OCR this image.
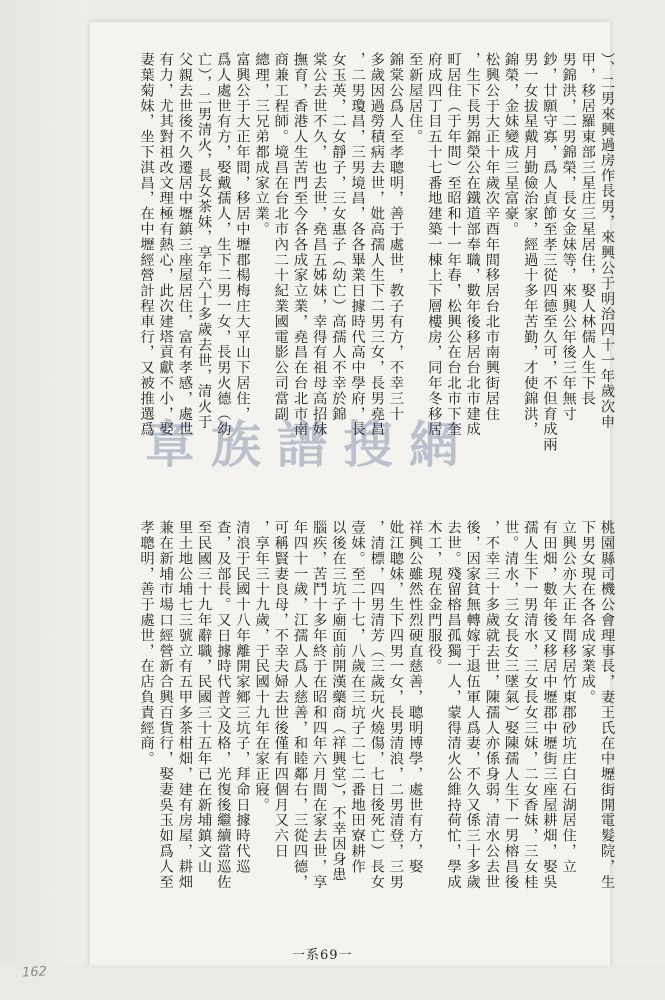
）、二男來興過房作長男，來興公于明治四十一年歲次申
甲，移居羅東部三星庄三星居住，娶人林儒人生下長
男錦洪，二男錦榮，長女金妹等，來興公年後三年無寸
鈔，廿願守寡，爲人貞節至孝三從四德至久可，不但育成兩
男一女拔星戴月勤儉治家，經過十多年苦勤，才使錦洪，
錦榮，金妹變成三星富豪。
松興公于大正十年歲次辛酉年間移居台北市南興街居住
，生下長男錦榮公在鐵道部奉職，數年後移居台北市建成
町居住（于年間）至昭和十一年春，松興公在台北市下奎
府成四丁目五十七番地建築一棟上下層樓房，同年冬移居
至新屋居住。
錦棠公爲人至孝聰明，善于處世，教子有方，不幸三十
多歲因過勞積病去世，妣高孺人生下二男三女，長男堯昌
，二男瓊昌，三男境昌，各各畢業日據時代高中學府，長
女玉英，二女靜子，三女惠子（幼亡）高孺人不幸於錦
棠公去世不久，也去世，堯昌五姊妹，幸得有祖母高招妹
撫育，香港人生苦門至今各各成家立業，堯昌在台北市南
商兼工程師。境昌在台北市內二十紀業國電影公司當副
總理，三兄弟都成家立業。
富興公于大正年間，移居中壢郡楊梅庄大平山下居住，
爲人處世有方，娶戴孺人，生下二男一女，長男火德（幼
亡），二男清火，長女茶妹，享年六十多歲去世，清火于
父親去世後不久遷居中壢鎮三座屋居住，富有孝感，處世
有力，尤其對祖改文理極有熱心，此次建塔貢獻不小，娶
妻葉菊妹，坐下淇昌，在中壢經營計程車行，又被推選爲
桃園縣司機公會理事長，妻王氏在中壢街開電髮院，生
下男女現在各各成家業成。
立興公亦大正年間移居竹東郡砂坑庄白石湖居住，立
有田畑，數年後又移居中壢郡中壢街三座屋耕畑，娶吳
孺人生下一男清水，三女長女三妹，二女香妹，三女桂
世。清水，三女長女三墜氣）娶陳孺人生下一男榕昌後
，不幸三十多歲就去世，陳孺人亦係身弱，清水公去世
後，因家貧無轉嫁于退伍軍人爲妻，不久又係三十多歲
去世。殘留榕昌孤獨一人，蒙得清火公維持荷忙，學成
木工，現在金門服役。
祥興公雖然性烈硬直慈善，聰明博學，處世有方，娶
妣江聰妹，生下四男一女，長男清浪，二男清登，三男
，清標，四男清芳（三歲玩火燒傷，七日後死亡）長女
壹妹。至二十七，八歲在三坑子二七二番地田寮耕作
以後在三坑子廟面前開漢藥商（祥興堂），不幸因身患
腦疾，苦鬥十多年終于在昭和四年六月間在家去世，享
年四十一歲，江孺人爲人慈善，和睦鄰右，三從四德，
可稱賢妻良母，不幸夫婦去世後僅有四個月又六日
，享年三十九歲，于民國十九年在家正寢。
清浪于民國十八年離開家鄉三坑子，拜命日據時代巡
查，及部長。又日據時代普文及格，光復後繼續當巡佐
至民國三十九年辭職，民國三十五年已在新埔鎮文山
里土地公埔七三號立有五甲多茶柑畑，建有房屋，耕畑
兼在新埔市場口經營新合興百貨行，娶妻吳玉如爲人至
孝聰明，善于處世，在店負責經商。
章族譜搜網
一系69一
162
